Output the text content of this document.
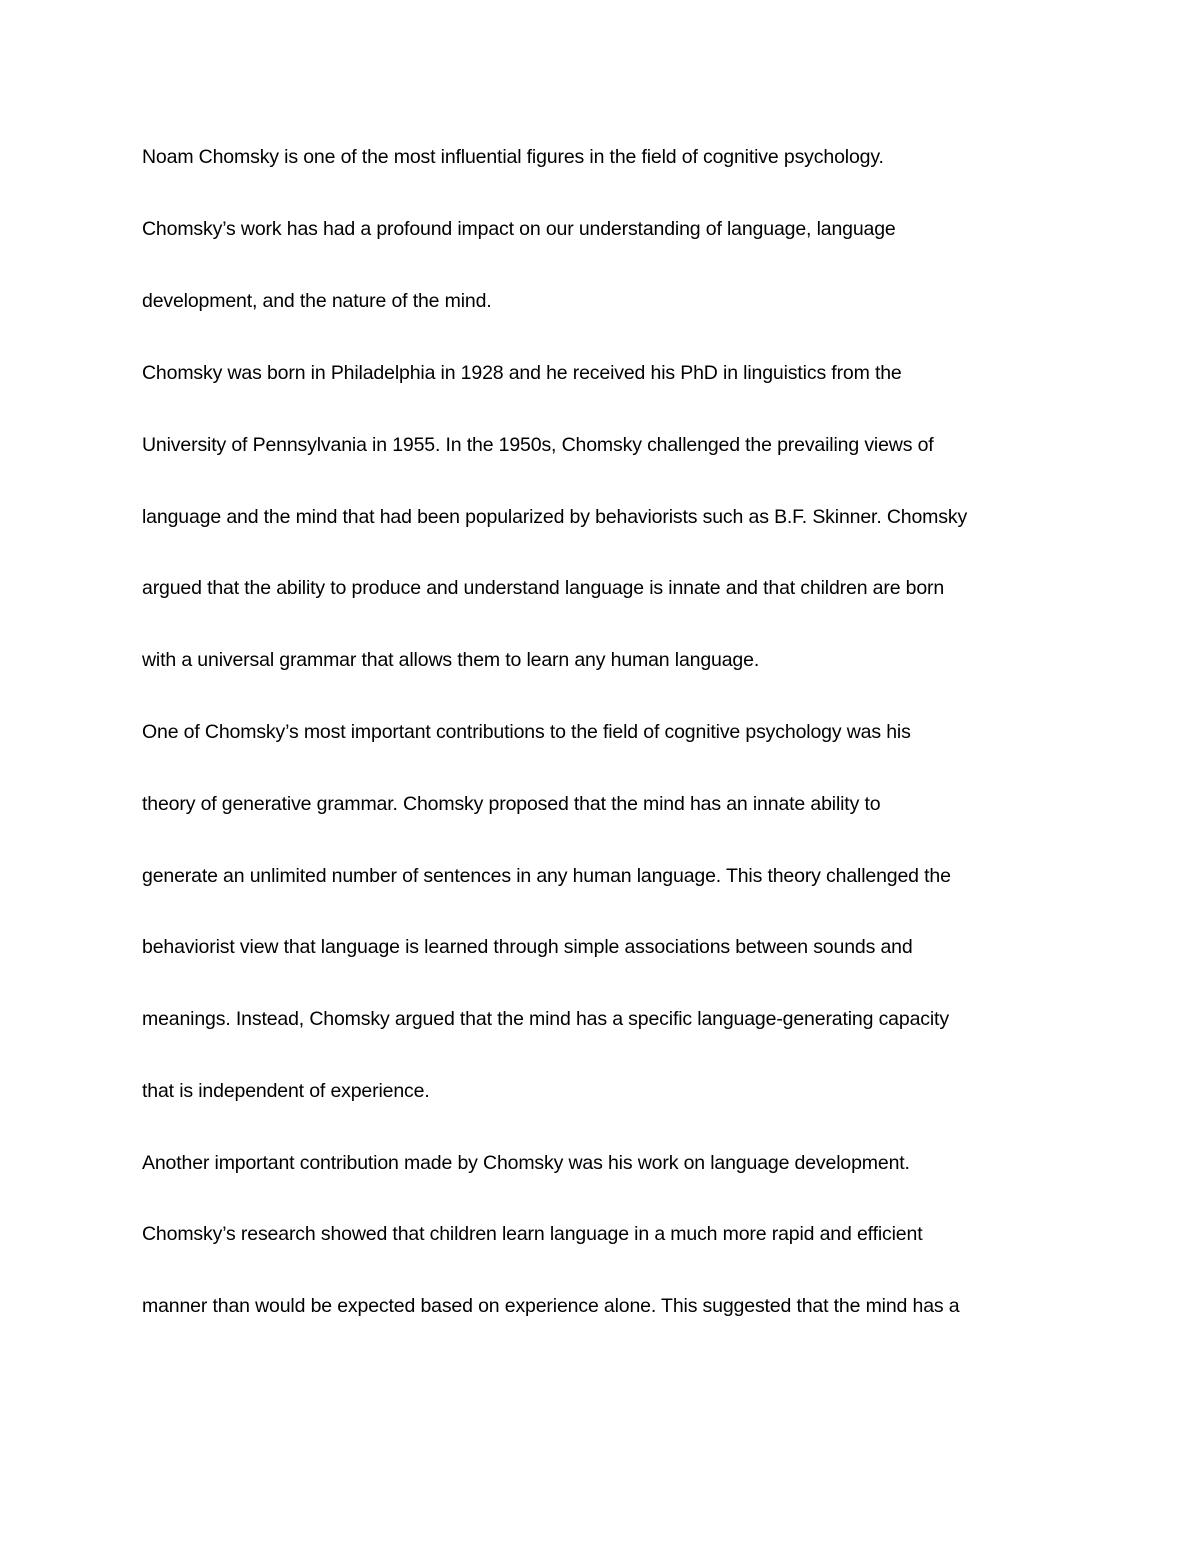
Noam Chomsky is one of the most influential figures in the field of cognitive psychology.
Chomsky’s work has had a profound impact on our understanding of language, language
development, and the nature of the mind.
Chomsky was born in Philadelphia in 1928 and he received his PhD in linguistics from the
University of Pennsylvania in 1955. In the 1950s, Chomsky challenged the prevailing views of
language and the mind that had been popularized by behaviorists such as B.F. Skinner. Chomsky
argued that the ability to produce and understand language is innate and that children are born
with a universal grammar that allows them to learn any human language.
One of Chomsky’s most important contributions to the field of cognitive psychology was his
theory of generative grammar. Chomsky proposed that the mind has an innate ability to
generate an unlimited number of sentences in any human language. This theory challenged the
behaviorist view that language is learned through simple associations between sounds and
meanings. Instead, Chomsky argued that the mind has a specific language-generating capacity
that is independent of experience.
Another important contribution made by Chomsky was his work on language development.
Chomsky’s research showed that children learn language in a much more rapid and efficient
manner than would be expected based on experience alone. This suggested that the mind has a
